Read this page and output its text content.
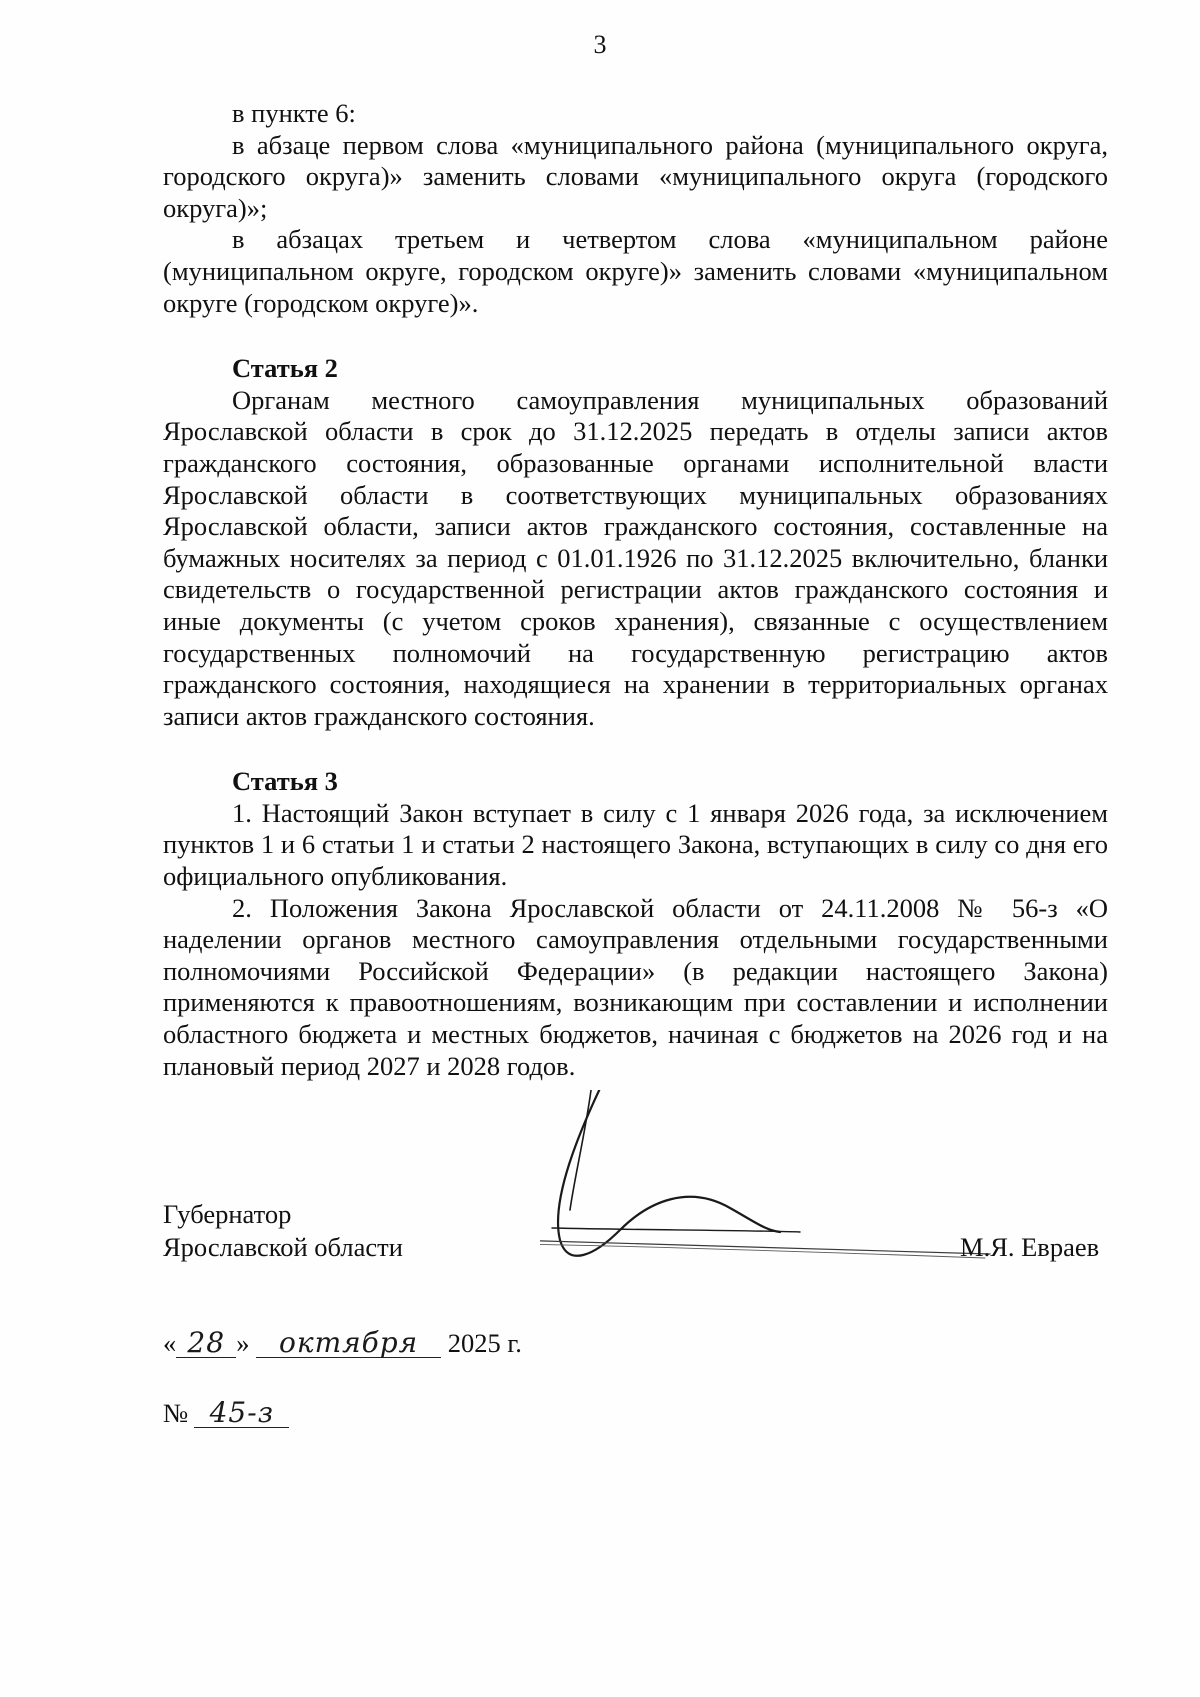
3

в пункте 6:

в абзаце первом слова «муниципального района (муниципального округа, городского округа)» заменить словами «муниципального округа (городского округа)»;

в абзацах третьем и четвертом слова «муниципальном районе (муниципальном округе, городском округе)» заменить словами «муниципальном округе (городском округе)».

Статья 2

Органам местного самоуправления муниципальных образований Ярославской области в срок до 31.12.2025 передать в отделы записи актов гражданского состояния, образованные органами исполнительной власти Ярославской области в соответствующих муниципальных образованиях Ярославской области, записи актов гражданского состояния, составленные на бумажных носителях за период с 01.01.1926 по 31.12.2025 включительно, бланки свидетельств о государственной регистрации актов гражданского состояния и иные документы (с учетом сроков хранения), связанные с осуществлением государственных полномочий на государственную регистрацию актов гражданского состояния, находящиеся на хранении в территориальных органах записи актов гражданского состояния.

Статья 3

1. Настоящий Закон вступает в силу с 1 января 2026 года, за исключением пунктов 1 и 6 статьи 1 и статьи 2 настоящего Закона, вступающих в силу со дня его официального опубликования.

2. Положения Закона Ярославской области от 24.11.2008 № 56-з «О наделении органов местного самоуправления отдельными государственными полномочиями Российской Федерации» (в редакции настоящего Закона) применяются к правоотношениям, возникающим при составлении и исполнении областного бюджета и местных бюджетов, начиная с бюджетов на 2026 год и на плановый период 2027 и 2028 годов.

Губернатор
Ярославской области	М.Я. Евраев
« 28 » октября 2025 г.
№ 45-з
